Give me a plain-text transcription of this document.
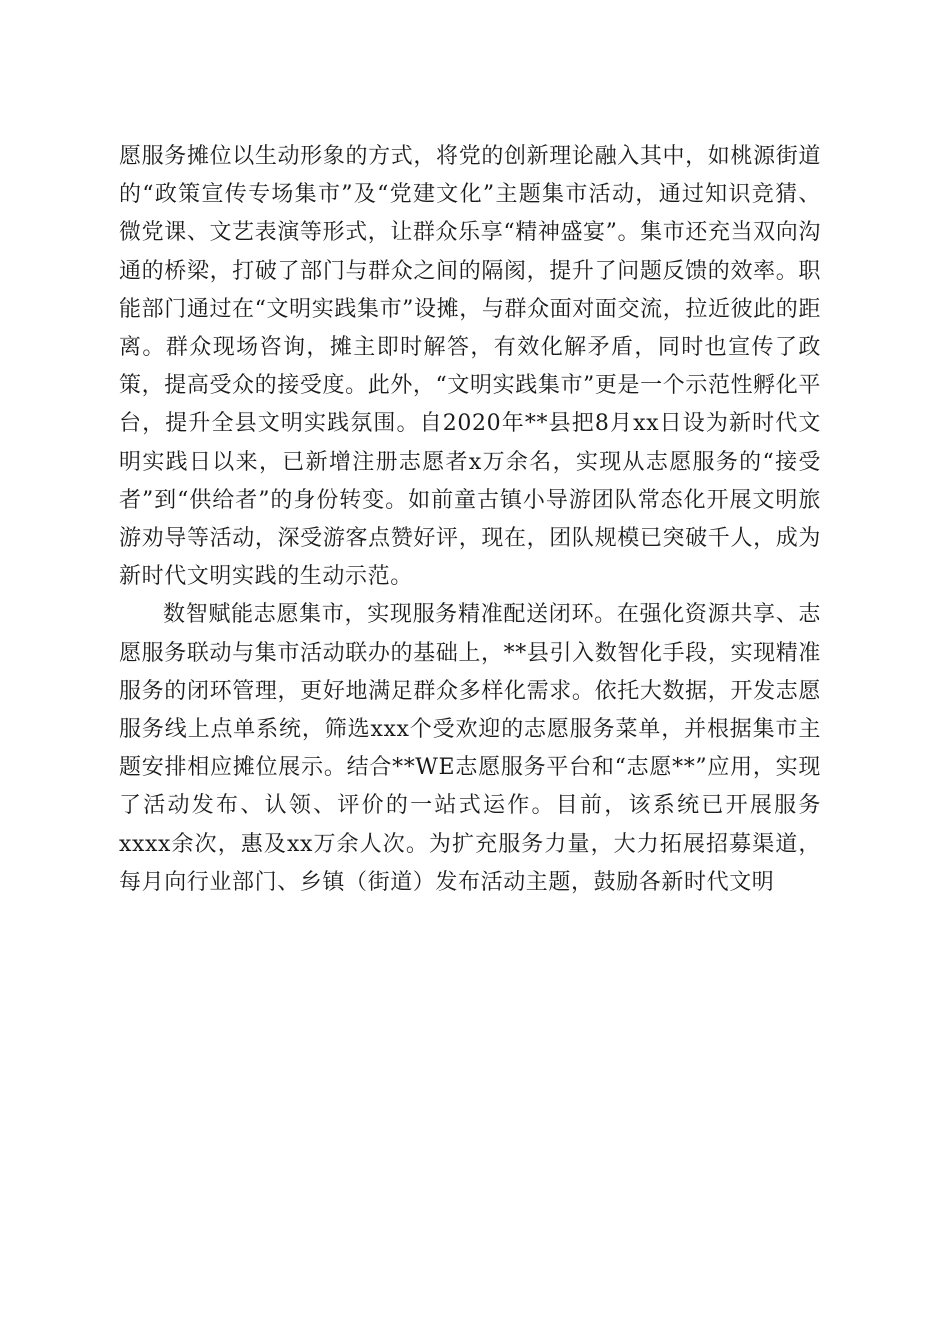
愿服务摊位以生动形象的方式，将党的创新理论融入其中，如桃源街道的“政策宣传专场集市”及“党建文化”主题集市活动，通过知识竞猜、微党课、文艺表演等形式，让群众乐享“精神盛宴”。集市还充当双向沟通的桥梁，打破了部门与群众之间的隔阂，提升了问题反馈的效率。职能部门通过在“文明实践集市”设摊，与群众面对面交流，拉近彼此的距离。群众现场咨询，摊主即时解答，有效化解矛盾，同时也宣传了政策，提高受众的接受度。此外，“文明实践集市”更是一个示范性孵化平台，提升全县文明实践氛围。自2020年**县把8月xx日设为新时代文明实践日以来，已新增注册志愿者x万余名，实现从志愿服务的“接受者”到“供给者”的身份转变。如前童古镇小导游团队常态化开展文明旅游劝导等活动，深受游客点赞好评，现在，团队规模已突破千人，成为新时代文明实践的生动示范。

数智赋能志愿集市，实现服务精准配送闭环。在强化资源共享、志愿服务联动与集市活动联办的基础上，**县引入数智化手段，实现精准服务的闭环管理，更好地满足群众多样化需求。依托大数据，开发志愿服务线上点单系统，筛选xxx个受欢迎的志愿服务菜单，并根据集市主题安排相应摊位展示。结合**WE志愿服务平台和“志愿**”应用，实现了活动发布、认领、评价的一站式运作。目前，该系统已开展服务xxxx余次，惠及xx万余人次。为扩充服务力量，大力拓展招募渠道，每月向行业部门、乡镇（街道）发布活动主题，鼓励各新时代文明
